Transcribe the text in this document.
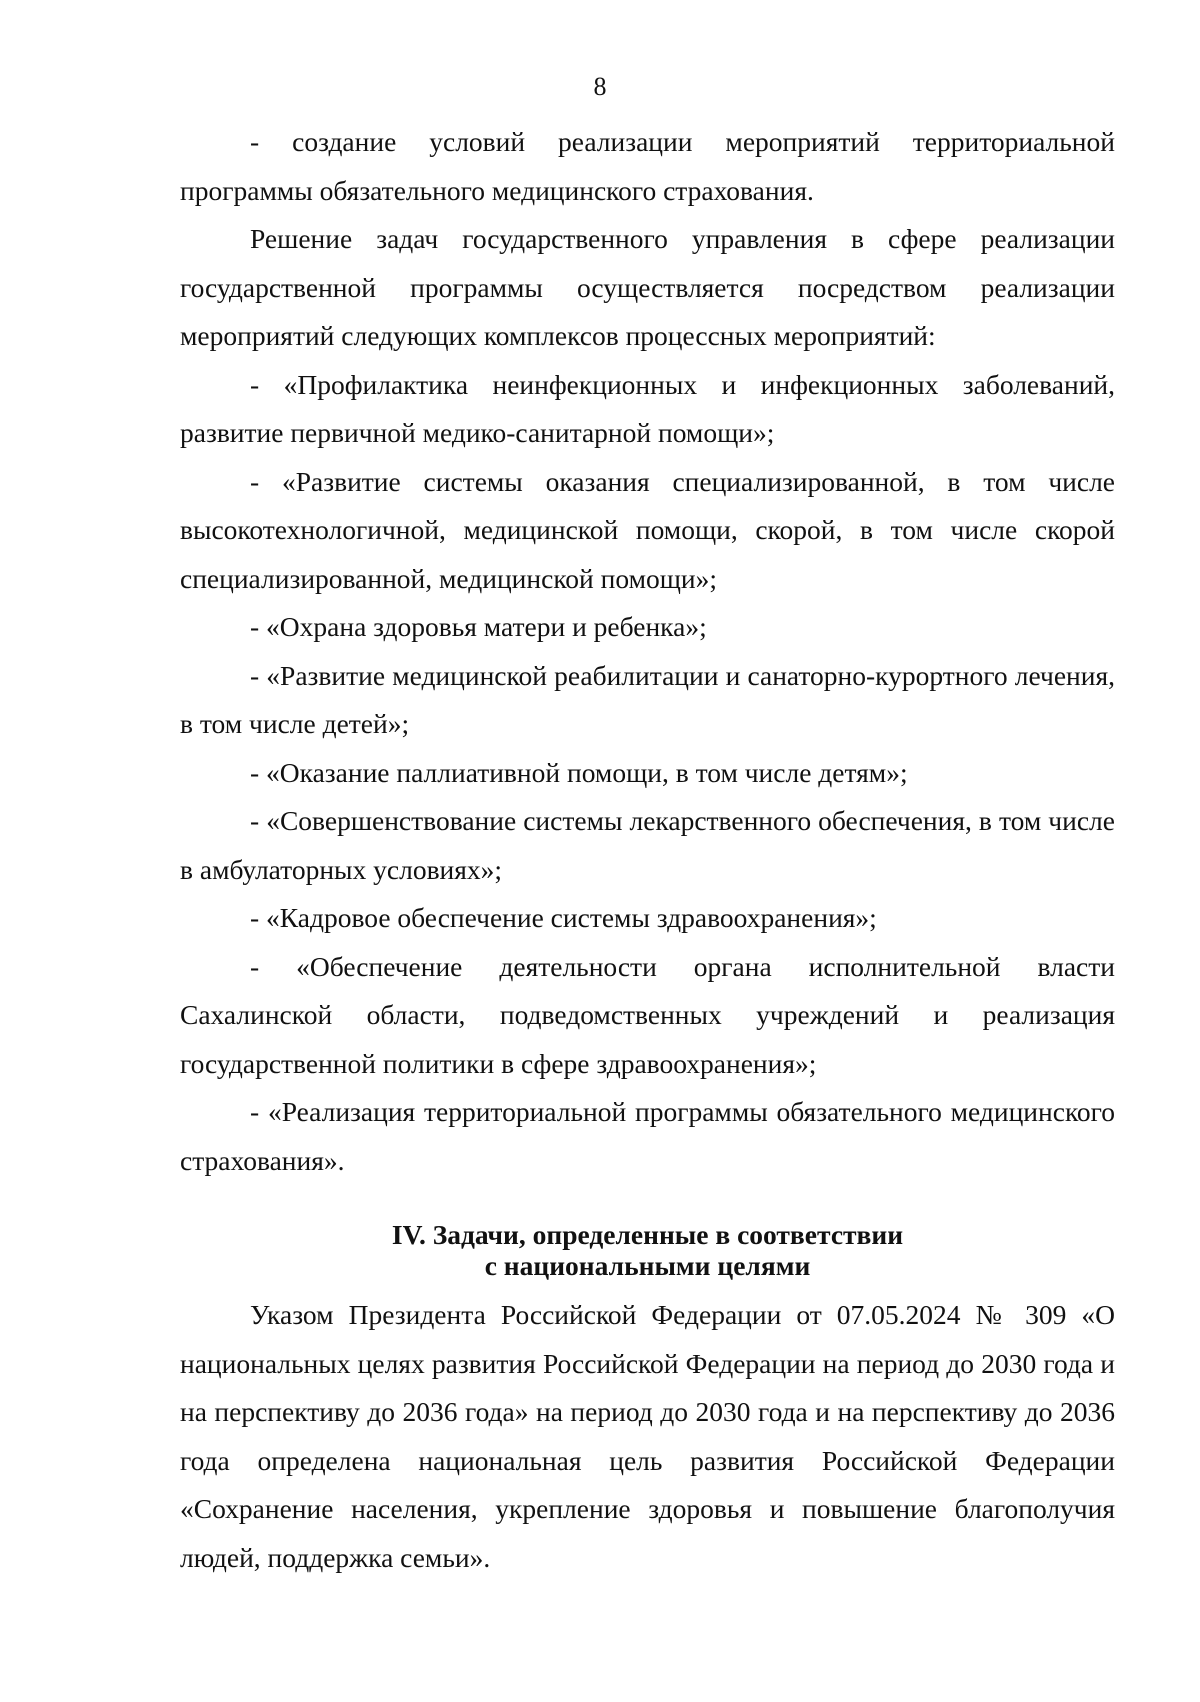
8

- создание условий реализации мероприятий территориальной программы обязательного медицинского страхования.

Решение задач государственного управления в сфере реализации государственной программы осуществляется посредством реализации мероприятий следующих комплексов процессных мероприятий:

- «Профилактика неинфекционных и инфекционных заболеваний, развитие первичной медико-санитарной помощи»;

- «Развитие системы оказания специализированной, в том числе высокотехнологичной, медицинской помощи, скорой, в том числе скорой специализированной, медицинской помощи»;

- «Охрана здоровья матери и ребенка»;

- «Развитие медицинской реабилитации и санаторно-курортного лечения, в том числе детей»;

- «Оказание паллиативной помощи, в том числе детям»;

- «Совершенствование системы лекарственного обеспечения, в том числе в амбулаторных условиях»;

- «Кадровое обеспечение системы здравоохранения»;

- «Обеспечение деятельности органа исполнительной власти Сахалинской области, подведомственных учреждений и реализация государственной политики в сфере здравоохранения»;

- «Реализация территориальной программы обязательного медицинского страхования».

IV. Задачи, определенные в соответствии
с национальными целями

Указом Президента Российской Федерации от 07.05.2024 № 309 «О национальных целях развития Российской Федерации на период до 2030 года и на перспективу до 2036 года» на период до 2030 года и на перспективу до 2036 года определена национальная цель развития Российской Федерации «Сохранение населения, укрепление здоровья и повышение благополучия людей, поддержка семьи».
